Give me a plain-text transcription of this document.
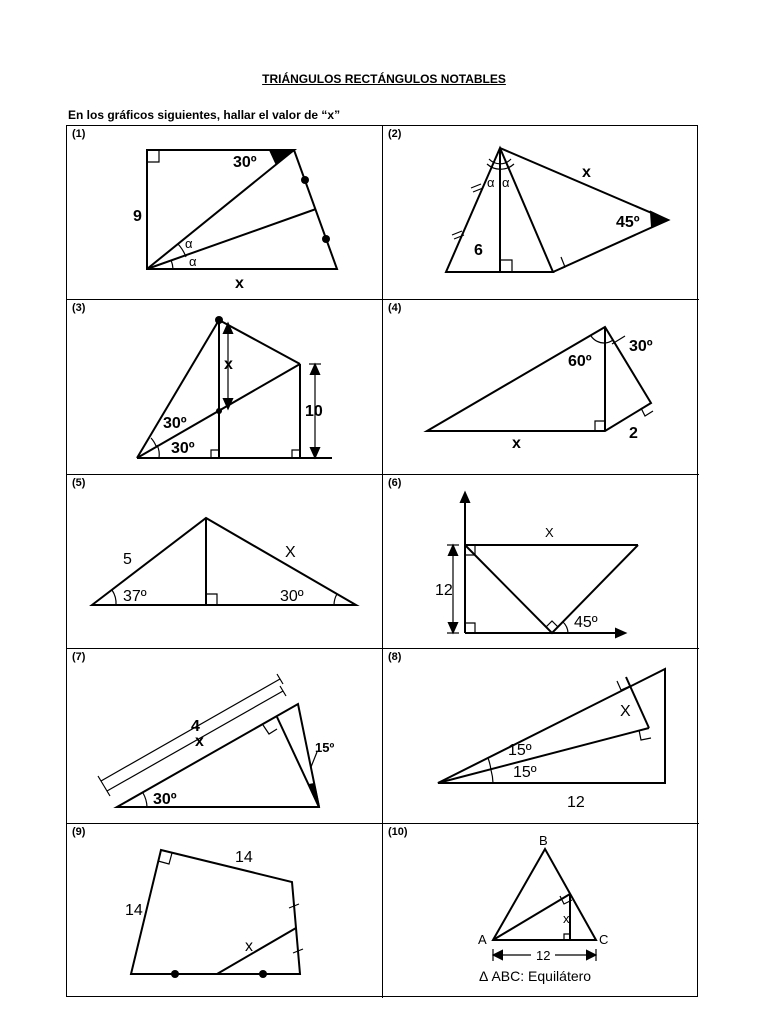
TRIÁNGULOS RECTÁNGULOS NOTABLES
En los gráficos siguientes, hallar el valor de “x”
(1)
30º
9
α
α
x
(2)
x
45º
6
α α
(3)
x
30º
30º
10
(4)
60º
30º
x
2
(5)
5	X
37º	30º
(6)
X
12
45º
(7)
4
x	15º
30º
(8)
X
15º
15º
12
(9)
14
14
x
(10)
B
A	C
x
12
Δ ABC: Equilátero
